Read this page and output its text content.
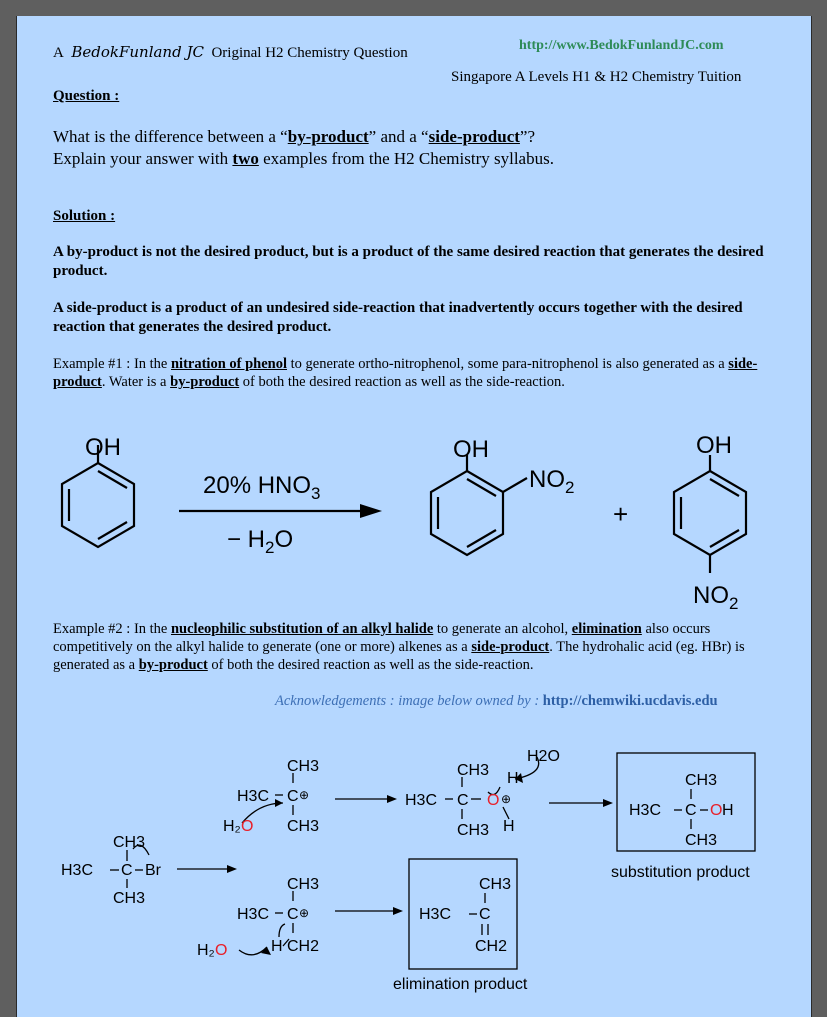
A BedokFunland JC Original H2 Chemistry Question	http://www.BedokFunlandJC.com
Singapore A Levels H1 & H2 Chemistry Tuition
Question :
What is the difference between a “by-product” and a “side-product”?
Explain your answer with two examples from the H2 Chemistry syllabus.
Solution :
A by-product is not the desired product, but is a product of the same desired reaction that generates the desired product.
A side-product is a product of an undesired side-reaction that inadvertently occurs together with the desired reaction that generates the desired product.
Example #1 : In the nitration of phenol to generate ortho-nitrophenol, some para-nitrophenol is also generated as a side-product. Water is a by-product of both the desired reaction as well as the side-reaction.
OH
20% $HNO_3$
− $H_2O$
OH
$NO_2$
+
OH
$NO_2$
Example #2 : In the nucleophilic substitution of an alkyl halide to generate an alcohol, elimination also occurs competitively on the alkyl halide to generate (one or more) alkenes as a side-product. The hydrohalic acid (eg. HBr) is generated as a by-product of both the desired reaction as well as the side-reaction.
Acknowledgements : image below owned by : http://chemwiki.ucdavis.edu
CH3
H3C C Br
CH3
CH3
H3C C ⊕
H₂ O CH3
CH3
H2O
H
H3C C O ⊕
CH3 H
CH3
H3C C O H
CH3
substitution product
CH3
H3C C ⊕
H₂ O	H CH2
CH3
H3C C
CH2
elimination product
